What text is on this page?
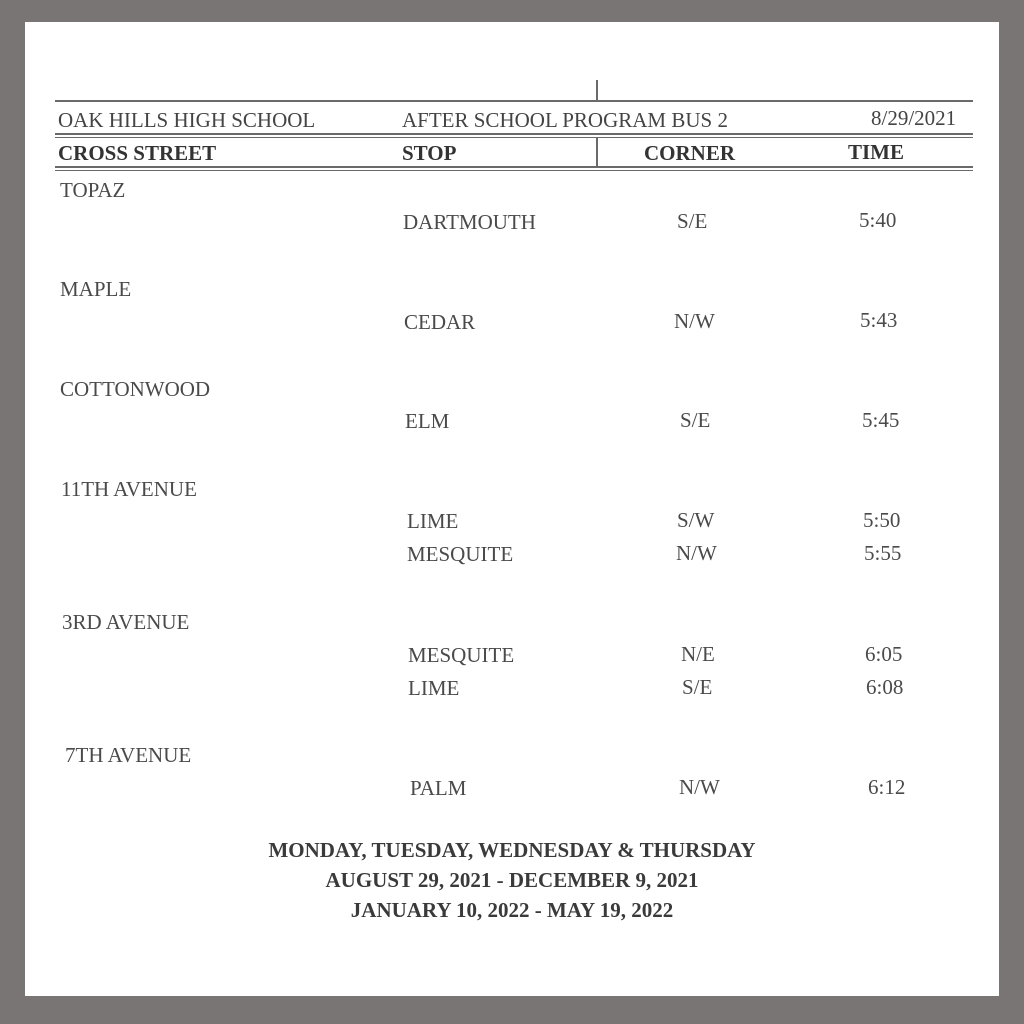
OAK HILLS HIGH SCHOOL	AFTER SCHOOL PROGRAM BUS 2	8/29/2021
CROSS STREET	STOP	CORNER	TIME
TOPAZ
DARTMOUTH	S/E	5:40
MAPLE
CEDAR	N/W	5:43
COTTONWOOD
ELM	S/E	5:45
11TH AVENUE
LIME	S/W	5:50
MESQUITE	N/W	5:55
3RD AVENUE
MESQUITE	N/E	6:05
LIME	S/E	6:08
7TH AVENUE
PALM	N/W	6:12
MONDAY, TUESDAY, WEDNESDAY & THURSDAY
AUGUST 29, 2021 - DECEMBER 9, 2021
JANUARY 10, 2022 - MAY 19, 2022
